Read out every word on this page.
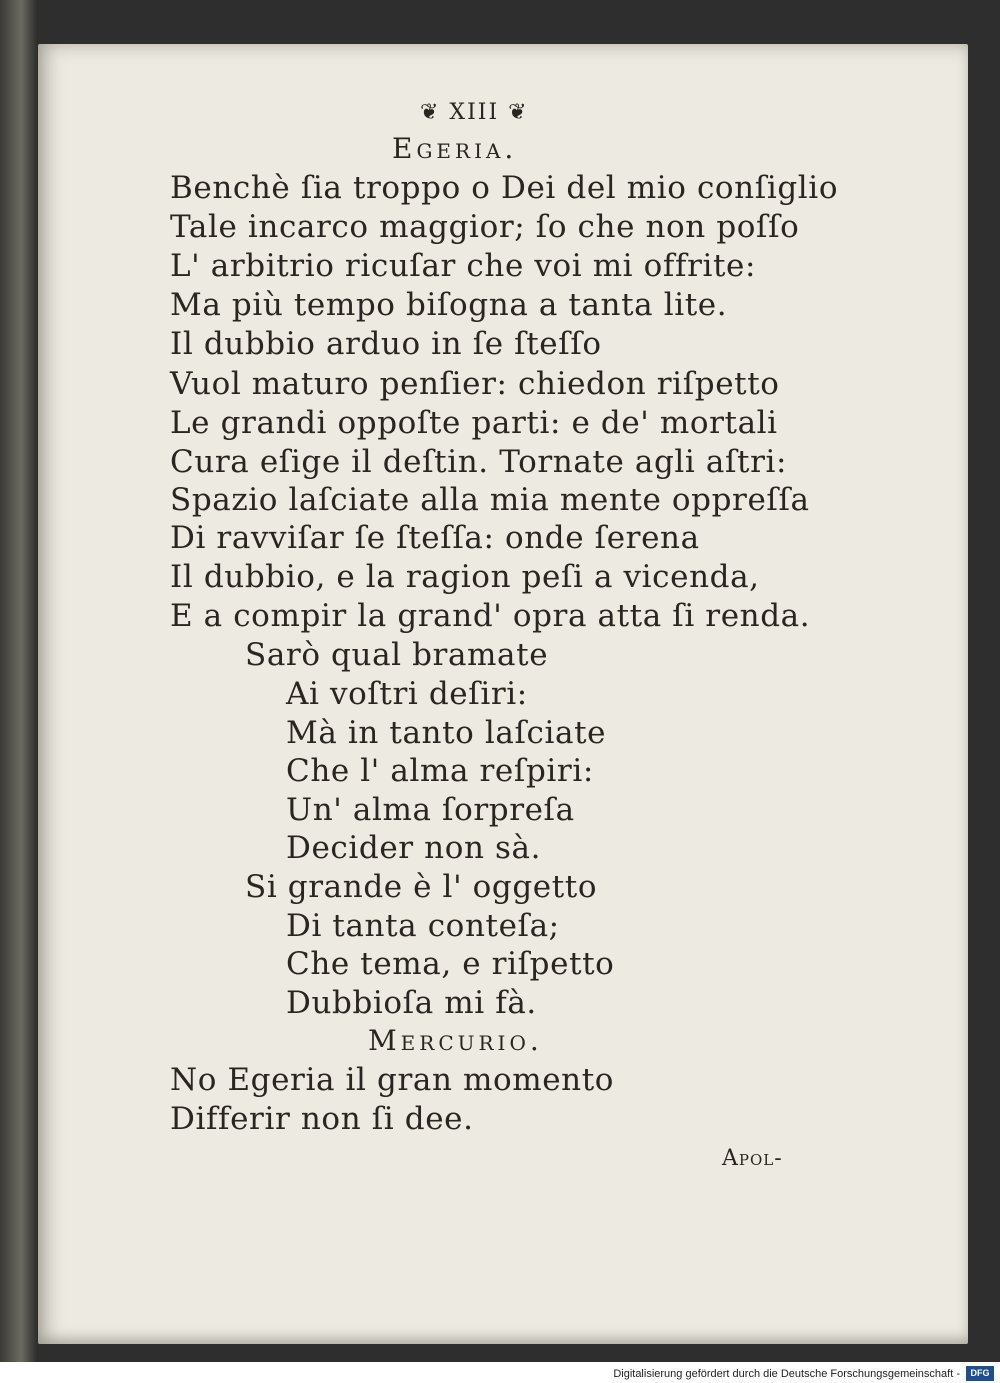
❦ XIII ❦
Egeria.
Benchè ſia troppo o Dei del mio conſiglio
Tale incarco maggior; ſo che non poſſo
L' arbitrio ricuſar che voi mi offrite:
Ma più tempo biſogna a tanta lite.
Il dubbio arduo in ſe ſteſſo
Vuol maturo penſier: chiedon riſpetto
Le grandi oppoſte parti: e de' mortali
Cura eſige il deſtin. Tornate agli aſtri:
Spazio laſciate alla mia mente oppreſſa
Di ravviſar ſe ſteſſa: onde ſerena
Il dubbio, e la ragion peſi a vicenda,
E a compir la grand' opra atta ſi renda.
Sarò qual bramate
Ai voſtri deſiri:
Mà in tanto laſciate
Che l' alma reſpiri:
Un' alma ſorpreſa
Decider non sà.
Si grande è l' oggetto
Di tanta conteſa;
Che tema, e riſpetto
Dubbioſa mi fà.
Mercurio.
No Egeria il gran momento
Differir non ſi dee.
Apol-
Digitalisierung gefördert durch die Deutsche Forschungsgemeinschaft -	DFG
